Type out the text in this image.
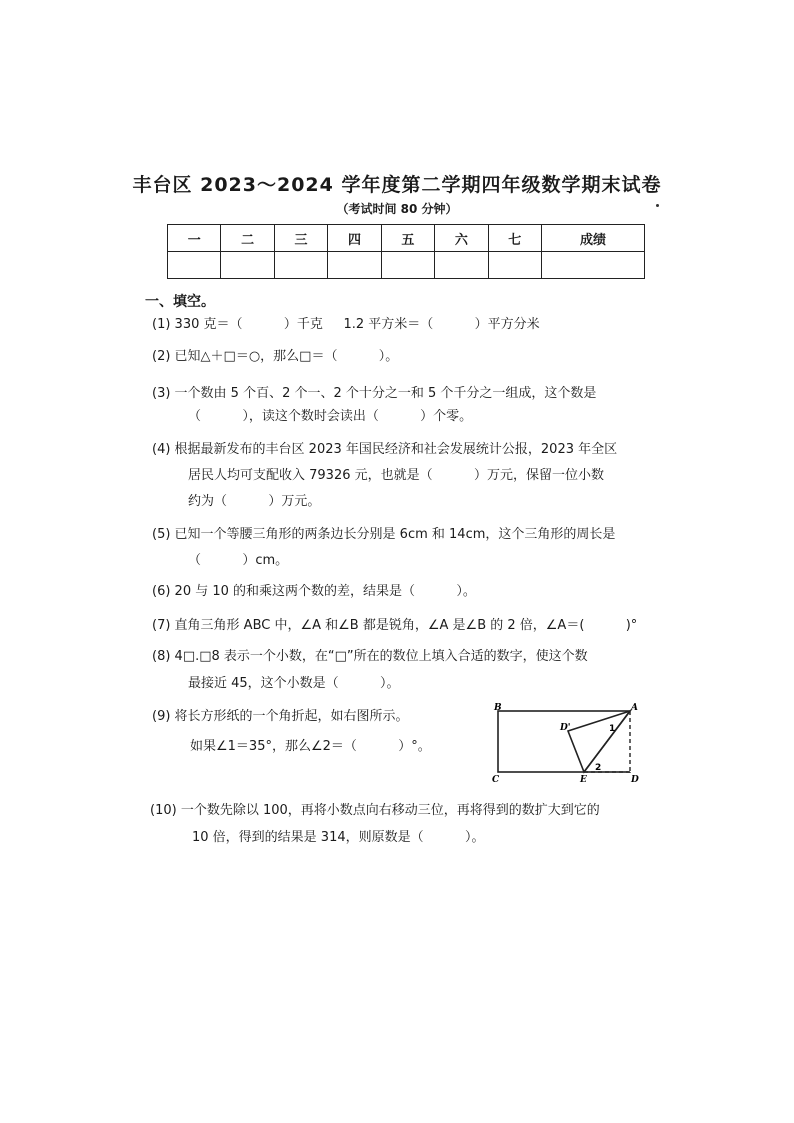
丰台区 2023～2024 学年度第二学期四年级数学期末试卷
（考试时间 80 分钟）
一	二	三	四	五	六	七	成绩

一、填空。
(1) 330 克＝（          ）千克     1.2 平方米＝（          ）平方分米
(2) 已知△＋□＝○，那么□＝（          ）。
(3) 一个数由 5 个百、2 个一、2 个十分之一和 5 个千分之一组成，这个数是
（          ），读这个数时会读出（          ）个零。
(4) 根据最新发布的丰台区 2023 年国民经济和社会发展统计公报，2023 年全区
居民人均可支配收入 79326 元，也就是（          ）万元，保留一位小数
约为（          ）万元。
(5) 已知一个等腰三角形的两条边长分别是 6cm 和 14cm，这个三角形的周长是
（          ）cm。
(6) 20 与 10 的和乘这两个数的差，结果是（          ）。
(7) 直角三角形 ABC 中，∠A 和∠B 都是锐角，∠A 是∠B 的 2 倍，∠A＝(          )°
(8) 4□.□8 表示一个小数，在“□”所在的数位上填入合适的数字，使这个数
最接近 45，这个小数是（          ）。
(9) 将长方形纸的一个角折起，如右图所示。
如果∠1＝35°，那么∠2＝（          ）°。
(10) 一个数先除以 100，再将小数点向右移动三位，再将得到的数扩大到它的
10 倍，得到的结果是 314，则原数是（          ）。
B	A
C	E	D
D'	1
2
